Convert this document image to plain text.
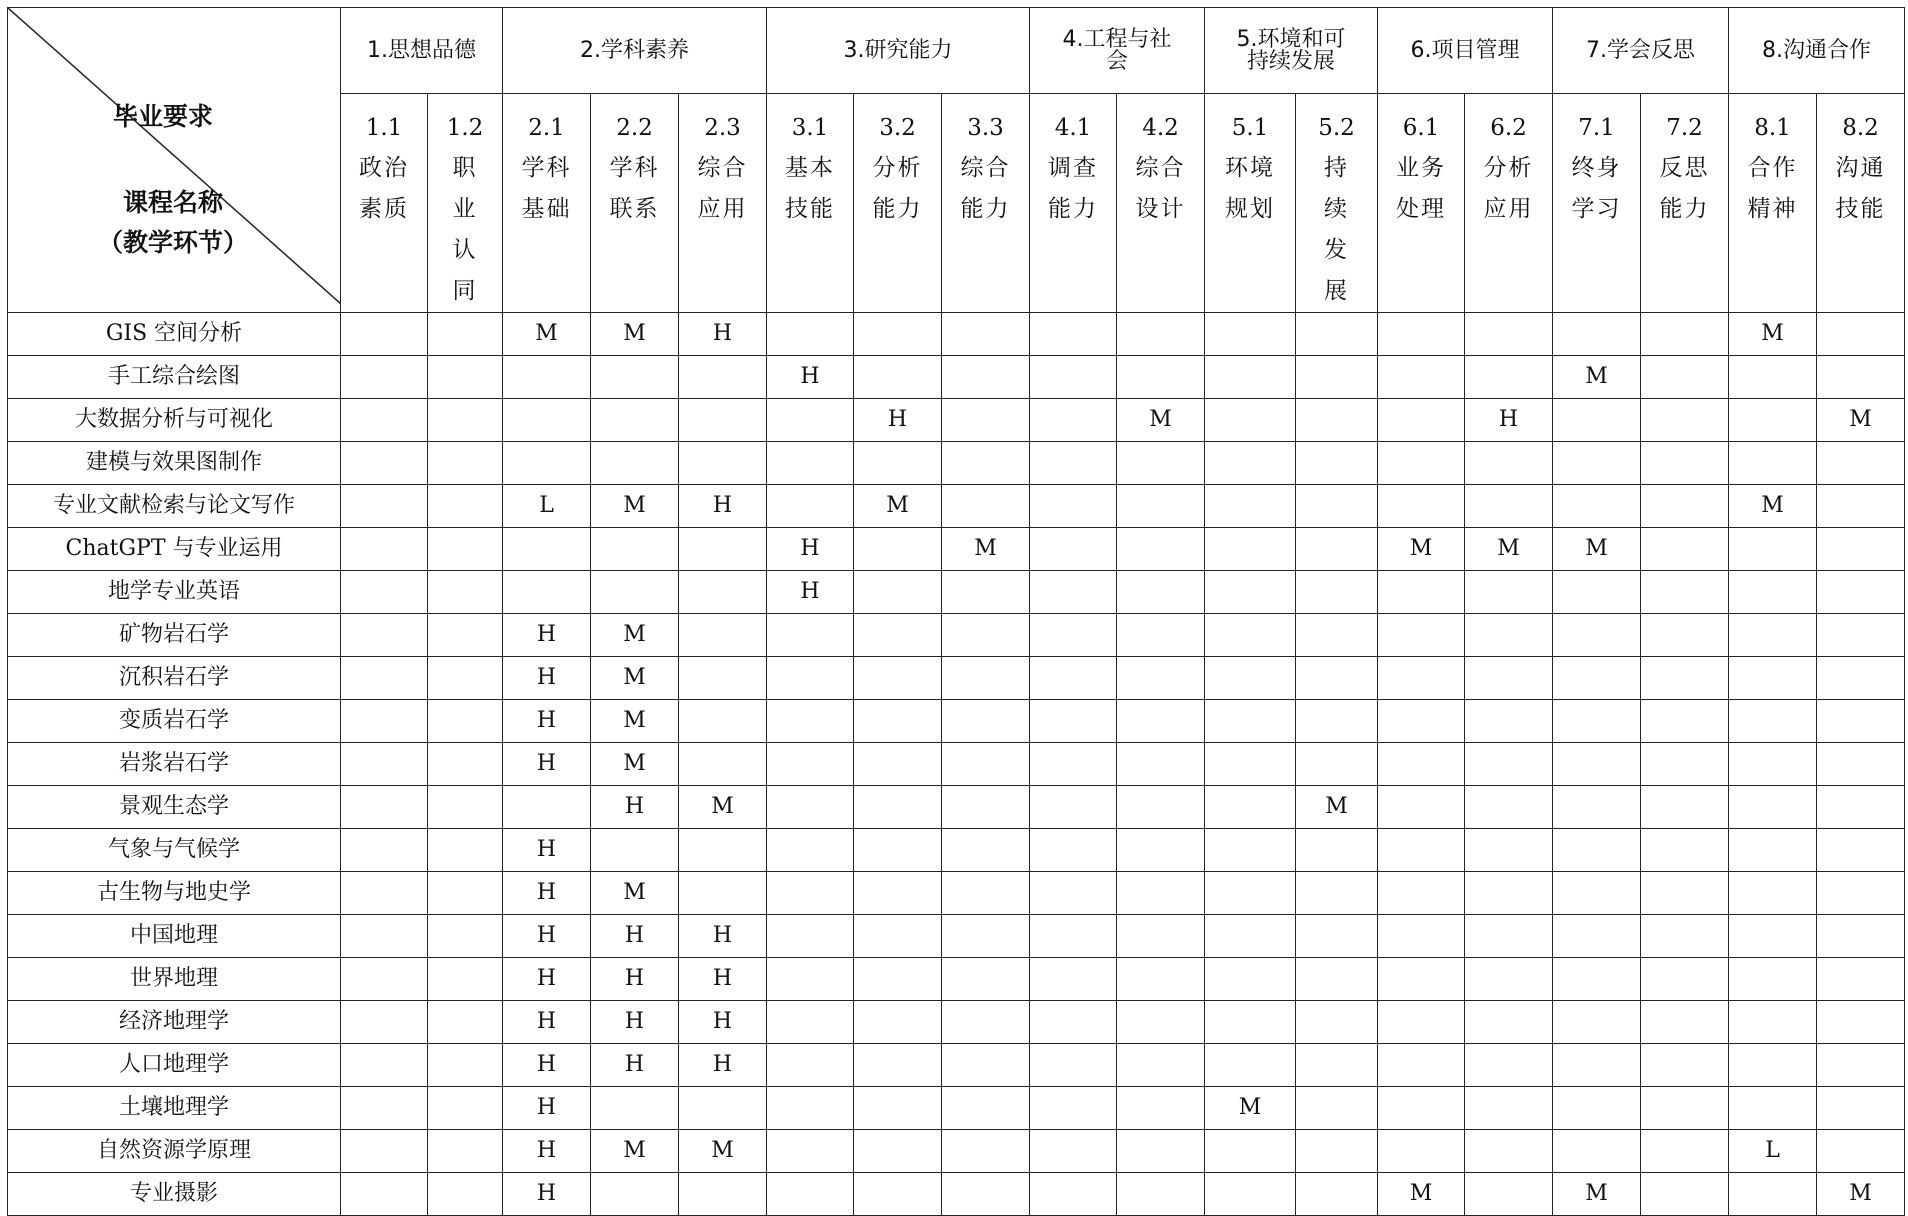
毕业要求
课程名称
（教学环节）	1.思想品德		2.学科素养			3.研究能力			4.工程与社
会		5.环境和可
持续发展		6.项目管理		7.学会反思		8.沟通合作	

	1.1
政治
素质	1.2
职
业
认
同	2.1
学科
基础	2.2
学科
联系	2.3
综合
应用	3.1
基本
技能	3.2
分析
能力	3.3
综合
能力	4.1
调查
能力	4.2
综合
设计	5.1
环境
规划	5.2
持
续
发
展	6.1
业务
处理	6.2
分析
应用	7.1
终身
学习	7.2
反思
能力	8.1
合作
精神	8.2
沟通
技能

GIS 空间分析			M	M	H												M	
手工综合绘图						H									M			
大数据分析与可视化							H			M				H				M
建模与效果图制作																		
专业文献检索与论文写作			L	M	H		M										M	
ChatGPT 与专业运用						H		M					M	M	M			
地学专业英语						H												
矿物岩石学			H	M														
沉积岩石学			H	M														
变质岩石学			H	M														
岩浆岩石学			H	M														
景观生态学				H	M							M						
气象与气候学			H															
古生物与地史学			H	M														
中国地理			H	H	H													
世界地理			H	H	H													
经济地理学			H	H	H													
人口地理学			H	H	H													
土壤地理学			H								M							
自然资源学原理			H	M	M												L	
专业摄影			H										M		M			M
